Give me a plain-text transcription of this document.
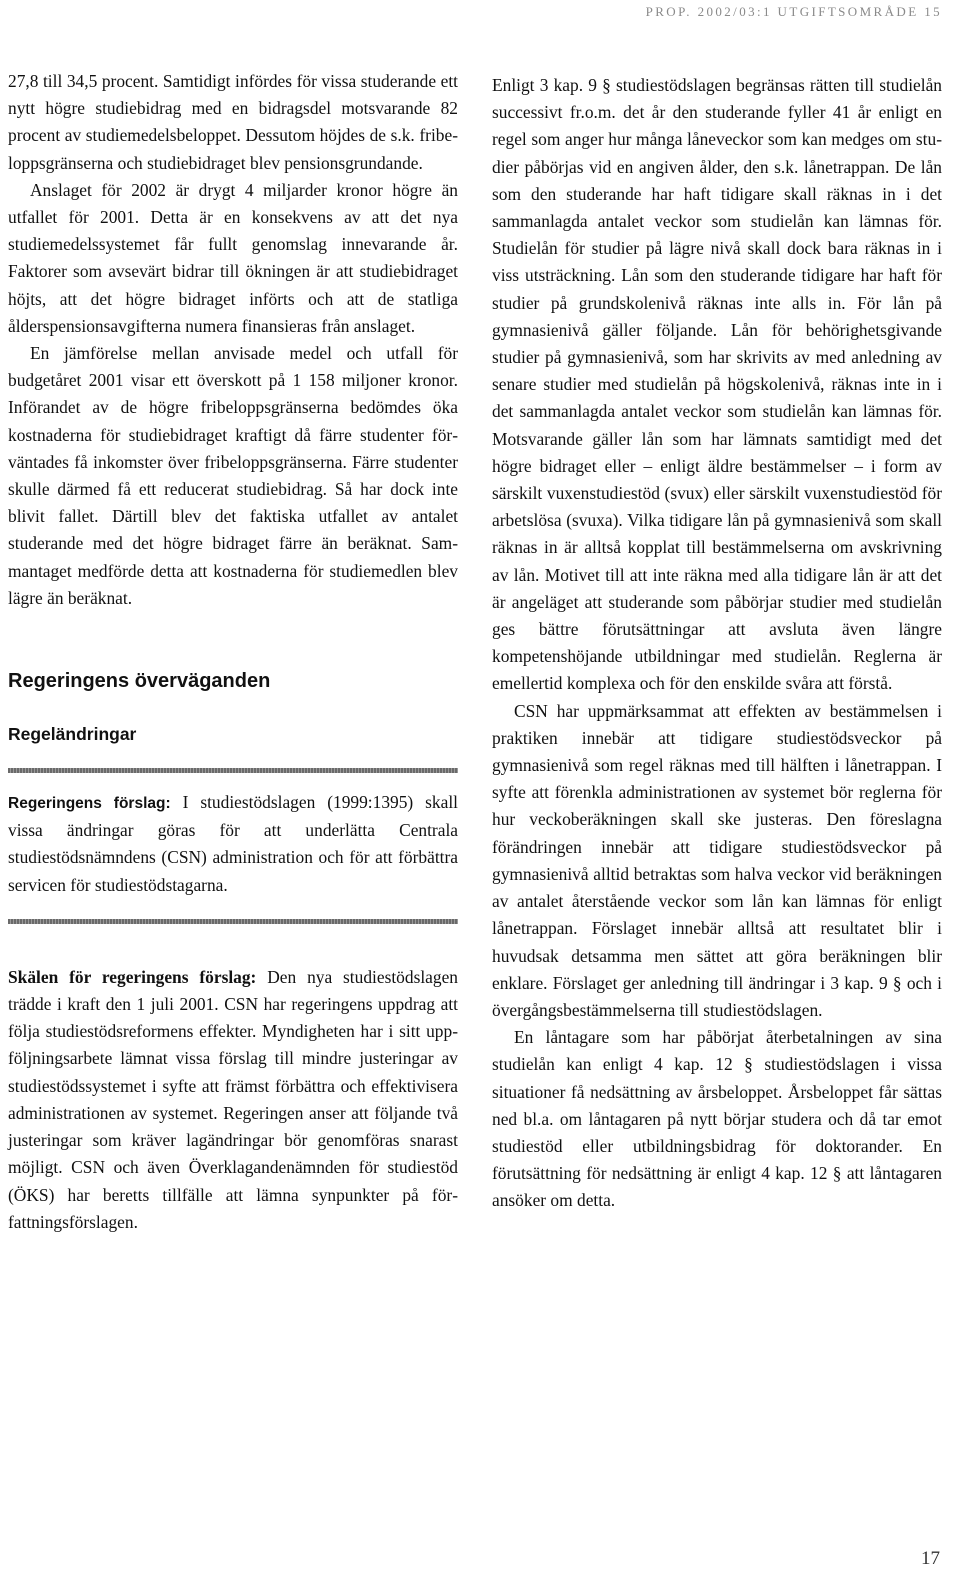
PROP. 2002/03:1 UTGIFTSOMRÅDE 15

27,8 till 34,5 procent. Samtidigt infördes för vissa studerande ett nytt högre studiebidrag med en bidragsdel motsvarande 82 procent av studiemedelsbeloppet. Dessutom höjdes de s.k. fribeloppsgränserna och studiebidraget blev pensionsgrundande.

Anslaget för 2002 är drygt 4 miljarder kronor högre än utfallet för 2001. Detta är en konsekvens av att det nya studiemedelssystemet får fullt genomslag innevarande år. Faktorer som avsevärt bidrar till ökningen är att studiebidraget höjts, att det högre bidraget införts och att de statliga ålderspensionsavgifterna numera finansieras från anslaget.

En jämförelse mellan anvisade medel och utfall för budgetåret 2001 visar ett överskott på 1 158 miljoner kronor. Införandet av de högre fribeloppsgränserna bedömdes öka kostnaderna för studiebidraget kraftigt då färre studenter förväntades få inkomster över fribeloppsgränserna. Färre studenter skulle därmed få ett reducerat studiebidrag. Så har dock inte blivit fallet. Därtill blev det faktiska utfallet av antalet studerande med det högre bidraget färre än beräknat. Sammantaget medförde detta att kostnaderna för studiemedlen blev lägre än beräknat.

Regeringens överväganden
Regeländringar

Regeringens förslag: I studiestödslagen (1999:1395) skall vissa ändringar göras för att underlätta Centrala studiestödsnämndens (CSN) administration och för att förbättra servicen för studiestödstagarna.

Skälen för regeringens förslag: Den nya studiestödslagen trädde i kraft den 1 juli 2001. CSN har regeringens uppdrag att följa studiestödsreformens effekter. Myndigheten har i sitt uppföljningsarbete lämnat vissa förslag till mindre justeringar av studiestödssystemet i syfte att främst förbättra och effektivisera administrationen av systemet. Regeringen anser att följande två justeringar som kräver lagändringar bör genomföras snarast möjligt. CSN och även Överklagandenämnden för studiestöd (ÖKS) har beretts tillfälle att lämna synpunkter på författningsförslagen.

Enligt 3 kap. 9 § studiestödslagen begränsas rätten till studielån successivt fr.o.m. det år den studerande fyller 41 år enligt en regel som anger hur många låneveckor som kan medges om studier påbörjas vid en angiven ålder, den s.k. lånetrappan. De lån som den studerande har haft tidigare skall räknas in i det sammanlagda antalet veckor som studielån kan lämnas för. Studielån för studier på lägre nivå skall dock bara räknas in i viss utsträckning. Lån som den studerande tidigare har haft för studier på grundskolenivå räknas inte alls in. För lån på gymnasienivå gäller följande. Lån för behörighetsgivande studier på gymnasienivå, som har skrivits av med anledning av senare studier med studielån på högskolenivå, räknas inte in i det sammanlagda antalet veckor som studielån kan lämnas för. Motsvarande gäller lån som har lämnats samtidigt med det högre bidraget eller – enligt äldre bestämmelser – i form av särskilt vuxenstudiestöd (svux) eller särskilt vuxenstudiestöd för arbetslösa (svuxa). Vilka tidigare lån på gymnasienivå som skall räknas in är alltså kopplat till bestämmelserna om avskrivning av lån. Motivet till att inte räkna med alla tidigare lån är att det är angeläget att studerande som påbörjar studier med studielån ges bättre förutsättningar att avsluta även längre kompetenshöjande utbildningar med studielån. Reglerna är emellertid komplexa och för den enskilde svåra att förstå.

CSN har uppmärksammat att effekten av bestämmelsen i praktiken innebär att tidigare studiestödsveckor på gymnasienivå som regel räknas med till hälften i lånetrappan. I syfte att förenkla administrationen av systemet bör reglerna för hur veckoberäkningen skall ske justeras. Den föreslagna förändringen innebär att tidigare studiestödsveckor på gymnasienivå alltid betraktas som halva veckor vid beräkningen av antalet återstående veckor som lån kan lämnas för enligt lånetrappan. Förslaget innebär alltså att resultatet blir i huvudsak detsamma men sättet att göra beräkningen blir enklare. Förslaget ger anledning till ändringar i 3 kap. 9 § och i övergångsbestämmelserna till studiestödslagen.

En låntagare som har påbörjat återbetalningen av sina studielån kan enligt 4 kap. 12 § studiestödslagen i vissa situationer få nedsättning av årsbeloppet. Årsbeloppet får sättas ned bl.a. om låntagaren på nytt börjar studera och då tar emot studiestöd eller utbildningsbidrag för doktorander. En förutsättning för nedsättning är enligt 4 kap. 12 § att låntagaren ansöker om detta.

17
